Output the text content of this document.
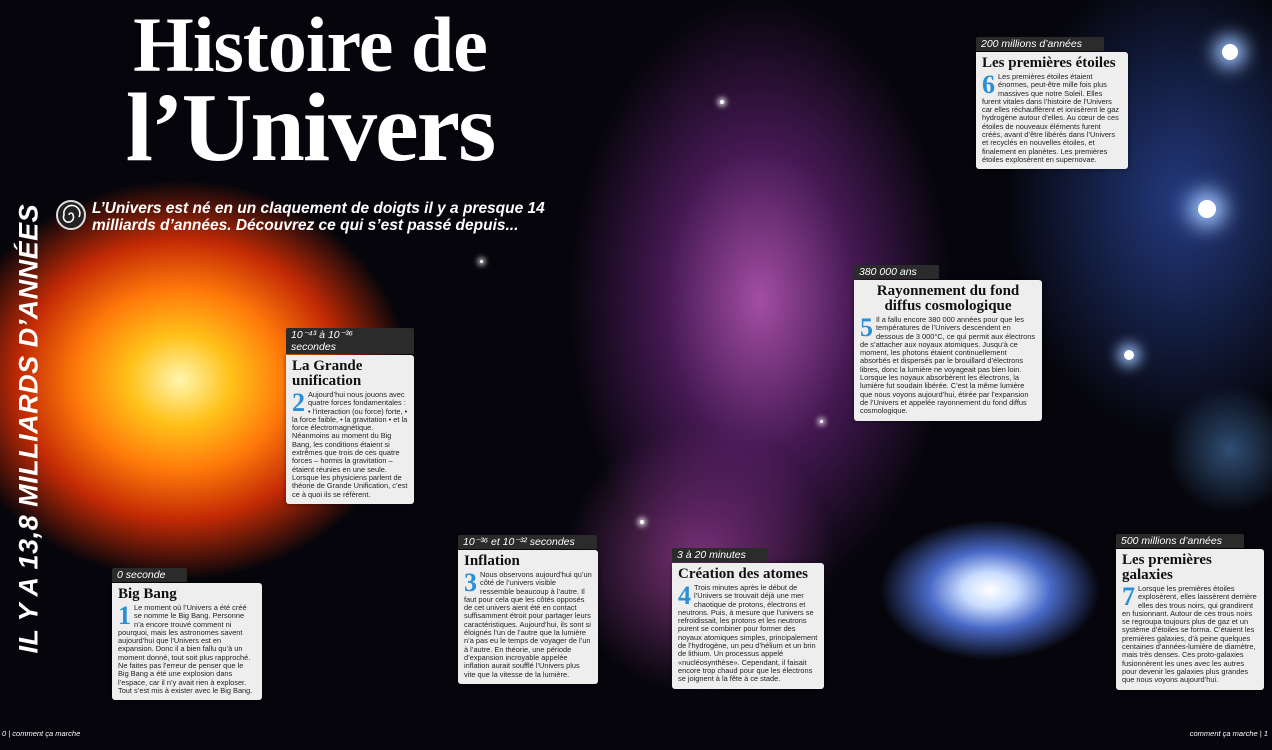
Histoire de
l’Univers
L’Univers est né en un claquement de doigts il y a presque 14 milliards d’années. Découvrez ce qui s’est passé depuis...
IL Y A 13,8 MILLIARDS D’ANNÉES	0 seconde
Big Bang
1 Le moment où l’Univers a été créé se nomme le Big Bang. Personne n’a encore trouvé comment ni pourquoi, mais les astronomes savent aujourd’hui que l’Univers est en expansion. Donc il a bien fallu qu’à un moment donné, tout soit plus rapproché. Ne faites pas l’erreur de penser que le Big Bang a été une explosion dans l’espace, car il n’y avait rien à exploser. Tout s’est mis à exister avec le Big Bang.

10⁻⁴³ à 10⁻³⁶ secondes
La Grande unification
2 Aujourd’hui nous jouons avec quatre forces fondamentales : • l’interaction (ou force) forte, • la force faible, • la gravitation • et la force électromagnétique. Néanmoins au moment du Big Bang, les conditions étaient si extrêmes que trois de ces quatre forces – hormis la gravitation – étaient réunies en une seule. Lorsque les physiciens parlent de théorie de Grande Unification, c’est ce à quoi ils se réfèrent.

10⁻³⁶ et 10⁻³² secondes
Inflation
3 Nous observons aujourd’hui qu’un côté de l’univers visible ressemble beaucoup à l’autre. Il faut pour cela que les côtés opposés de cet univers aient été en contact suffisamment étroit pour partager leurs caractéristiques. Aujourd’hui, ils sont si éloignés l’un de l’autre que la lumière n’a pas eu le temps de voyager de l’un à l’autre. En théorie, une période d’expansion incroyable appelée inflation aurait soufflé l’Univers plus vite que la vitesse de la lumière.

3 à 20 minutes
Création des atomes
4 Trois minutes après le début de l’Univers se trouvait déjà une mer chaotique de protons, électrons et neutrons. Puis, à mesure que l’univers se refroidissait, les protons et les neutrons purent se combiner pour former des noyaux atomiques simples, principalement de l’hydrogène, un peu d’hélium et un brin de lithium. Un processus appelé «nucléosynthèse». Cependant, il faisait encore trop chaud pour que les électrons se joignent à la fête à ce stade.

380 000 ans
Rayonnement du fond diffus cosmologique
5 Il a fallu encore 380 000 années pour que les températures de l’Univers descendent en dessous de 3 000°C, ce qui permit aux électrons de s’attacher aux noyaux atomiques. Jusqu’à ce moment, les photons étaient continuellement absorbés et dispersés par le brouillard d’électrons libres, donc la lumière ne voyageait pas bien loin. Lorsque les noyaux absorbèrent les électrons, la lumière fut soudain libérée. C’est la même lumière que nous voyons aujourd’hui, étirée par l’expansion de l’Univers et appelée rayonnement du fond diffus cosmologique.

200 millions d’années
Les premières étoiles
6 Les premières étoiles étaient énormes, peut-être mille fois plus massives que notre Soleil. Elles furent vitales dans l’histoire de l’Univers car elles réchauffèrent et ionisèrent le gaz hydrogène autour d’elles. Au cœur de ces étoiles de nouveaux éléments furent créés, avant d’être libérés dans l’Univers et recyclés en nouvelles étoiles, et finalement en planètes. Les premières étoiles explosèrent en supernovae.

500 millions d’années
Les premières galaxies
7 Lorsque les premières étoiles explosèrent, elles laissèrent derrière elles des trous noirs, qui grandirent en fusionnant. Autour de ces trous noirs se regroupa toujours plus de gaz et un système d’étoiles se forma. C’étaient les premières galaxies, d’à peine quelques centaines d’années-lumière de diamètre, mais très denses. Ces proto-galaxies fusionnèrent les unes avec les autres pour devenir les galaxies plus grandes que nous voyons aujourd’hui.

0 | comment ça marche	comment ça marche | 1
